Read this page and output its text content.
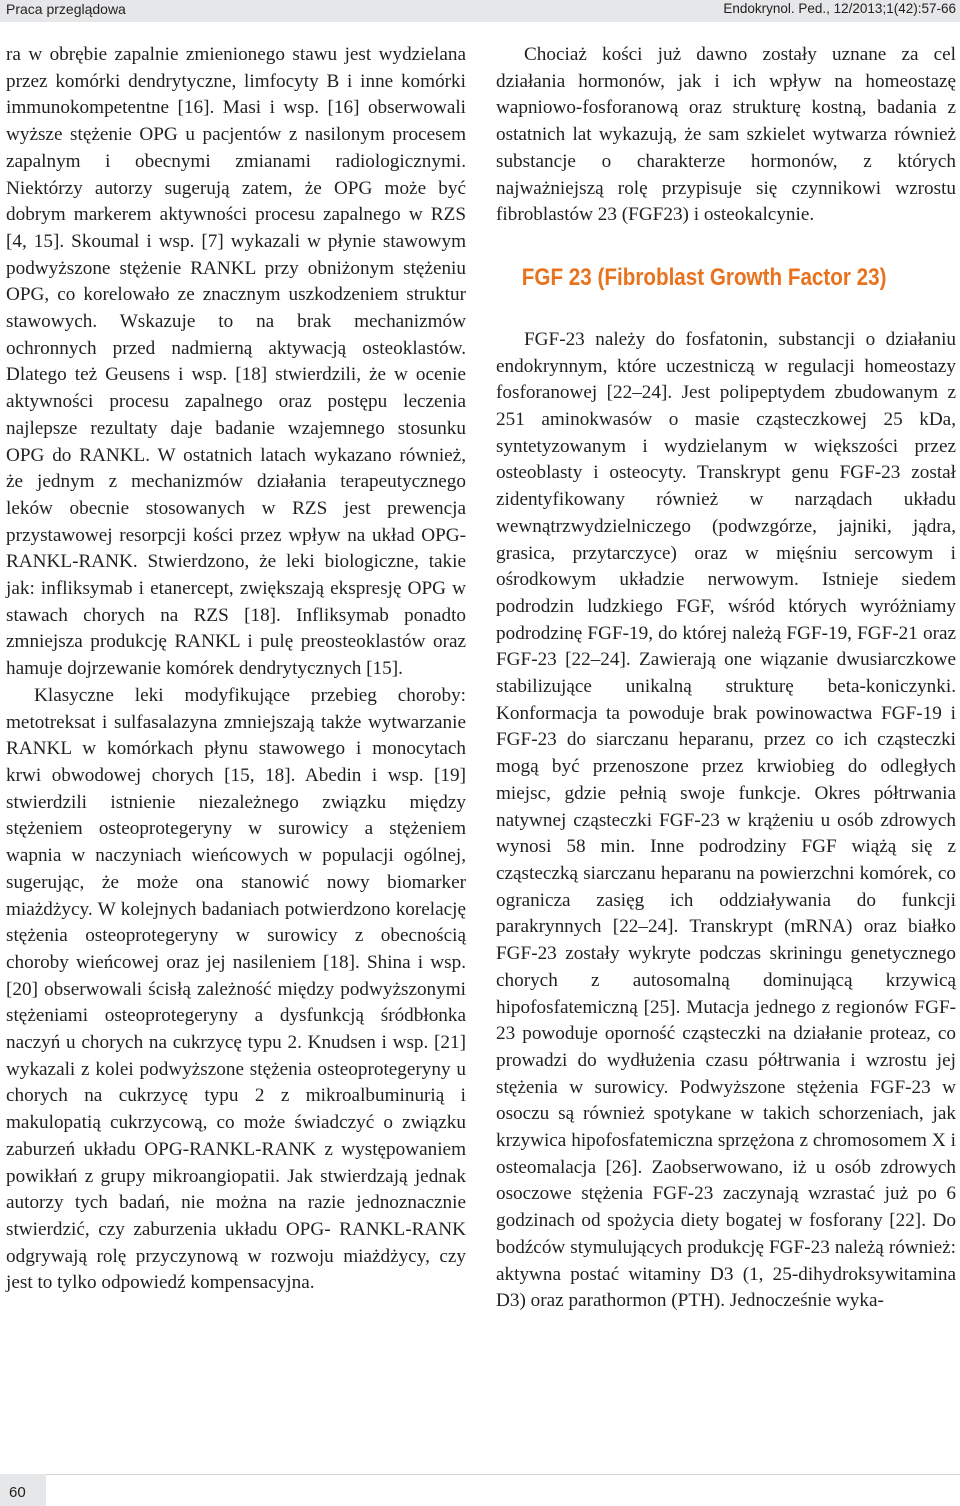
Praca przeglądowa	Endokrynol. Ped., 12/2013;1(42):57-66

ra w obrębie zapalnie zmienionego stawu jest wydzielana przez komórki dendrytyczne, limfocyty B i inne komórki immunokompetentne [16]. Masi i wsp. [16] obserwowali wyższe stężenie OPG u pacjentów z nasilonym procesem zapalnym i obecnymi zmianami radiologicznymi. Niektórzy autorzy sugerują zatem, że OPG może być dobrym markerem aktywności procesu zapalnego w RZS [4, 15]. Skoumal i wsp. [7] wykazali w płynie stawowym podwyższone stężenie RANKL przy obniżonym stężeniu OPG, co korelowało ze znacznym uszkodzeniem struktur stawowych. Wskazuje to na brak mechanizmów ochronnych przed nadmierną aktywacją osteoklastów. Dlatego też Geusens i wsp. [18] stwierdzili, że w ocenie aktywności procesu zapalnego oraz postępu leczenia najlepsze rezultaty daje badanie wzajemnego stosunku OPG do RANKL. W ostatnich latach wykazano również, że jednym z mechanizmów działania terapeutycznego leków obecnie stosowanych w RZS jest prewencja przystawowej resorpcji kości przez wpływ na układ OPG-RANKL-RANK. Stwierdzono, że leki biologiczne, takie jak: infliksymab i etanercept, zwiększają ekspresję OPG w stawach chorych na RZS [18]. Infliksymab ponadto zmniejsza produkcję RANKL i pulę preosteoklastów oraz hamuje dojrzewanie komórek dendrytycznych [15].

Klasyczne leki modyfikujące przebieg choroby: metotreksat i sulfasalazyna zmniejszają także wytwarzanie RANKL w komórkach płynu stawowego i monocytach krwi obwodowej chorych [15, 18]. Abedin i wsp. [19] stwierdzili istnienie niezależnego związku między stężeniem osteoprotegeryny w surowicy a stężeniem wapnia w naczyniach wieńcowych w populacji ogólnej, sugerując, że może ona stanowić nowy biomarker miażdżycy. W kolejnych badaniach potwierdzono korelację stężenia osteoprotegeryny w surowicy z obecnością choroby wieńcowej oraz jej nasileniem [18]. Shina i wsp. [20] obserwowali ścisłą zależność między podwyższonymi stężeniami osteoprotegeryny a dysfunkcją śródbłonka naczyń u chorych na cukrzycę typu 2. Knudsen i wsp. [21] wykazali z kolei podwyższone stężenia osteoprotegeryny u chorych na cukrzycę typu 2 z mikroalbuminurią i makulopatią cukrzycową, co może świadczyć o związku zaburzeń układu OPG-RANKL-RANK z występowaniem powikłań z grupy mikroangiopatii. Jak stwierdzają jednak autorzy tych badań, nie można na razie jednoznacznie stwierdzić, czy zaburzenia układu OPG- RANKL-RANK odgrywają rolę przyczynową w rozwoju miażdżycy, czy jest to tylko odpowiedź kompensacyjna.

Chociaż kości już dawno zostały uznane za cel działania hormonów, jak i ich wpływ na homeostazę wapniowo-fosforanową oraz strukturę kostną, badania z ostatnich lat wykazują, że sam szkielet wytwarza również substancje o charakterze hormonów, z których najważniejszą rolę przypisuje się czynnikowi wzrostu fibroblastów 23 (FGF23) i osteokalcynie.

FGF 23 (Fibroblast Growth Factor 23)

FGF-23 należy do fosfatonin, substancji o działaniu endokrynnym, które uczestniczą w regulacji homeostazy fosforanowej [22–24]. Jest polipeptydem zbudowanym z 251 aminokwasów o masie cząsteczkowej 25 kDa, syntetyzowanym i wydzielanym w większości przez osteoblasty i osteocyty. Transkrypt genu FGF-23 został zidentyfikowany również w narządach układu wewnątrzwydzielniczego (podwzgórze, jajniki, jądra, grasica, przytarczyce) oraz w mięśniu sercowym i ośrodkowym układzie nerwowym. Istnieje siedem podrodzin ludzkiego FGF, wśród których wyróżniamy podrodzinę FGF-19, do której należą FGF-19, FGF-21 oraz FGF-23 [22–24]. Zawierają one wiązanie dwusiarczkowe stabilizujące unikalną strukturę beta-koniczynki. Konformacja ta powoduje brak powinowactwa FGF-19 i FGF-23 do siarczanu heparanu, przez co ich cząsteczki mogą być przenoszone przez krwiobieg do odległych miejsc, gdzie pełnią swoje funkcje. Okres półtrwania natywnej cząsteczki FGF-23 w krążeniu u osób zdrowych wynosi 58 min. Inne podrodziny FGF wiążą się z cząsteczką siarczanu heparanu na powierzchni komórek, co ogranicza zasięg ich oddziaływania do funkcji parakrynnych [22–24]. Transkrypt (mRNA) oraz białko FGF-23 zostały wykryte podczas skriningu genetycznego chorych z autosomalną dominującą krzywicą hipofosfatemiczną [25]. Mutacja jednego z regionów FGF-23 powoduje oporność cząsteczki na działanie proteaz, co prowadzi do wydłużenia czasu półtrwania i wzrostu jej stężenia w surowicy. Podwyższone stężenia FGF-23 w osoczu są również spotykane w takich schorzeniach, jak krzywica hipofosfatemiczna sprzężona z chromosomem X i osteomalacja [26]. Zaobserwowano, iż u osób zdrowych osoczowe stężenia FGF-23 zaczynają wzrastać już po 6 godzinach od spożycia diety bogatej w fosforany [22]. Do bodźców stymulujących produkcję FGF-23 należą również: aktywna postać witaminy D3 (1, 25-dihydroksywitamina D3) oraz parathormon (PTH). Jednocześnie wyka-

60
